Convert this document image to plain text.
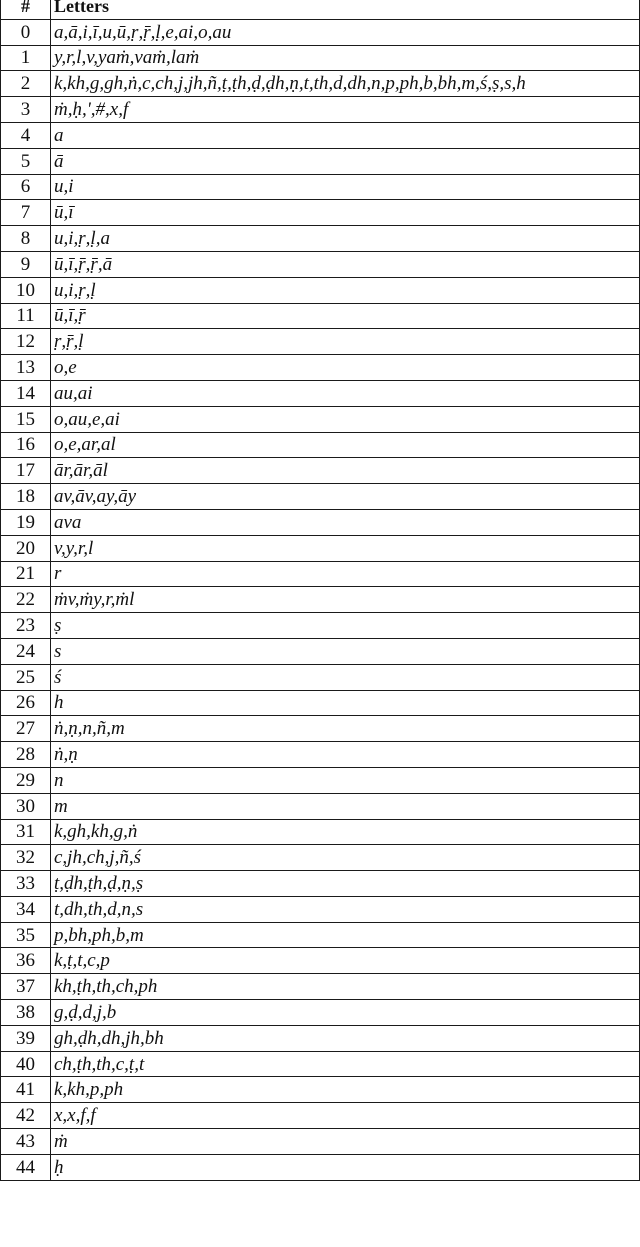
#	Letters
0	a,ā,i,ī,u,ū,ṛ,ṝ,ḷ,e,ai,o,au
1	y,r,l,v,yaṁ,vaṁ,laṁ
2	k,kh,g,gh,ṅ,c,ch,j,jh,ñ,ṭ,ṭh,ḍ,ḍh,ṇ,t,th,d,dh,n,p,ph,b,bh,m,ś,ṣ,s,h
3	ṁ,ḥ,',#,x,f
4	a
5	ā
6	u,i
7	ū,ī
8	u,i,ṛ,ḷ,a
9	ū,ī,ṝ,ṝ,ā
10	u,i,ṛ,ḷ
11	ū,ī,ṝ
12	ṛ,ṝ,ḷ
13	o,e
14	au,ai
15	o,au,e,ai
16	o,e,ar,al
17	ār,ār,āl
18	av,āv,ay,āy
19	ava
20	v,y,r,l
21	r
22	ṁv,ṁy,r,ṁl
23	ṣ
24	s
25	ś
26	h
27	ṅ,ṇ,n,ñ,m
28	ṅ,ṇ
29	n
30	m
31	k,gh,kh,g,ṅ
32	c,jh,ch,j,ñ,ś
33	ṭ,ḍh,ṭh,ḍ,ṇ,ṣ
34	t,dh,th,d,n,s
35	p,bh,ph,b,m
36	k,ṭ,t,c,p
37	kh,ṭh,th,ch,ph
38	g,ḍ,d,j,b
39	gh,ḍh,dh,jh,bh
40	ch,ṭh,th,c,ṭ,t
41	k,kh,p,ph
42	x,x,f,f
43	ṁ
44	ḥ
